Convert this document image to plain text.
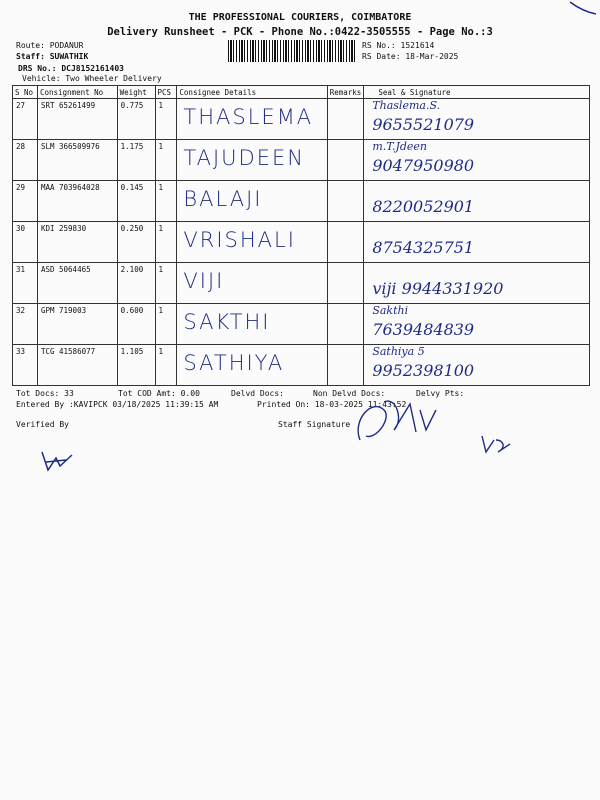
THE PROFESSIONAL COURIERS, COIMBATORE
Delivery Runsheet - PCK - Phone No.:0422-3505555 - Page No.:3
Route: PODANUR
Staff: SUWATHIK
DRS No.: DCJ8152161403
Vehicle: Two Wheeler Delivery
RS No.: 1521614
RS Date: 18-Mar-2025
S No	Consignment No	Weight	PCS	Consignee Details	Remarks	Seal & Signature
27	SRT 65261499	0.775	1	THASLEMA		Thaslema.S.
9655521079

28	SLM 366509976	1.175	1	TAJUDEEN		m.T.Jdeen
9047950980

29	MAA 703964028	0.145	1	BALAJI		8220052901

30	KDI 259830	0.250	1	VRISHALI		8754325751

31	ASD 5064465	2.100	1	VIJI		viji 9944331920

32	GPM 719003	0.600	1	SAKTHI		Sakthi
7639484839

33	TCG 41586077	1.105	1	SATHIYA		Sathiya 5
9952398100
Tot Docs: 33	Tot COD Amt: 0.00	Delvd Docs:	Non Delvd Docs:	Delvy Pts:
Entered By :KAVIPCK 03/18/2025 11:39:15 AM	Printed On: 18-03-2025 11:43:52
Verified By	Staff Signature
